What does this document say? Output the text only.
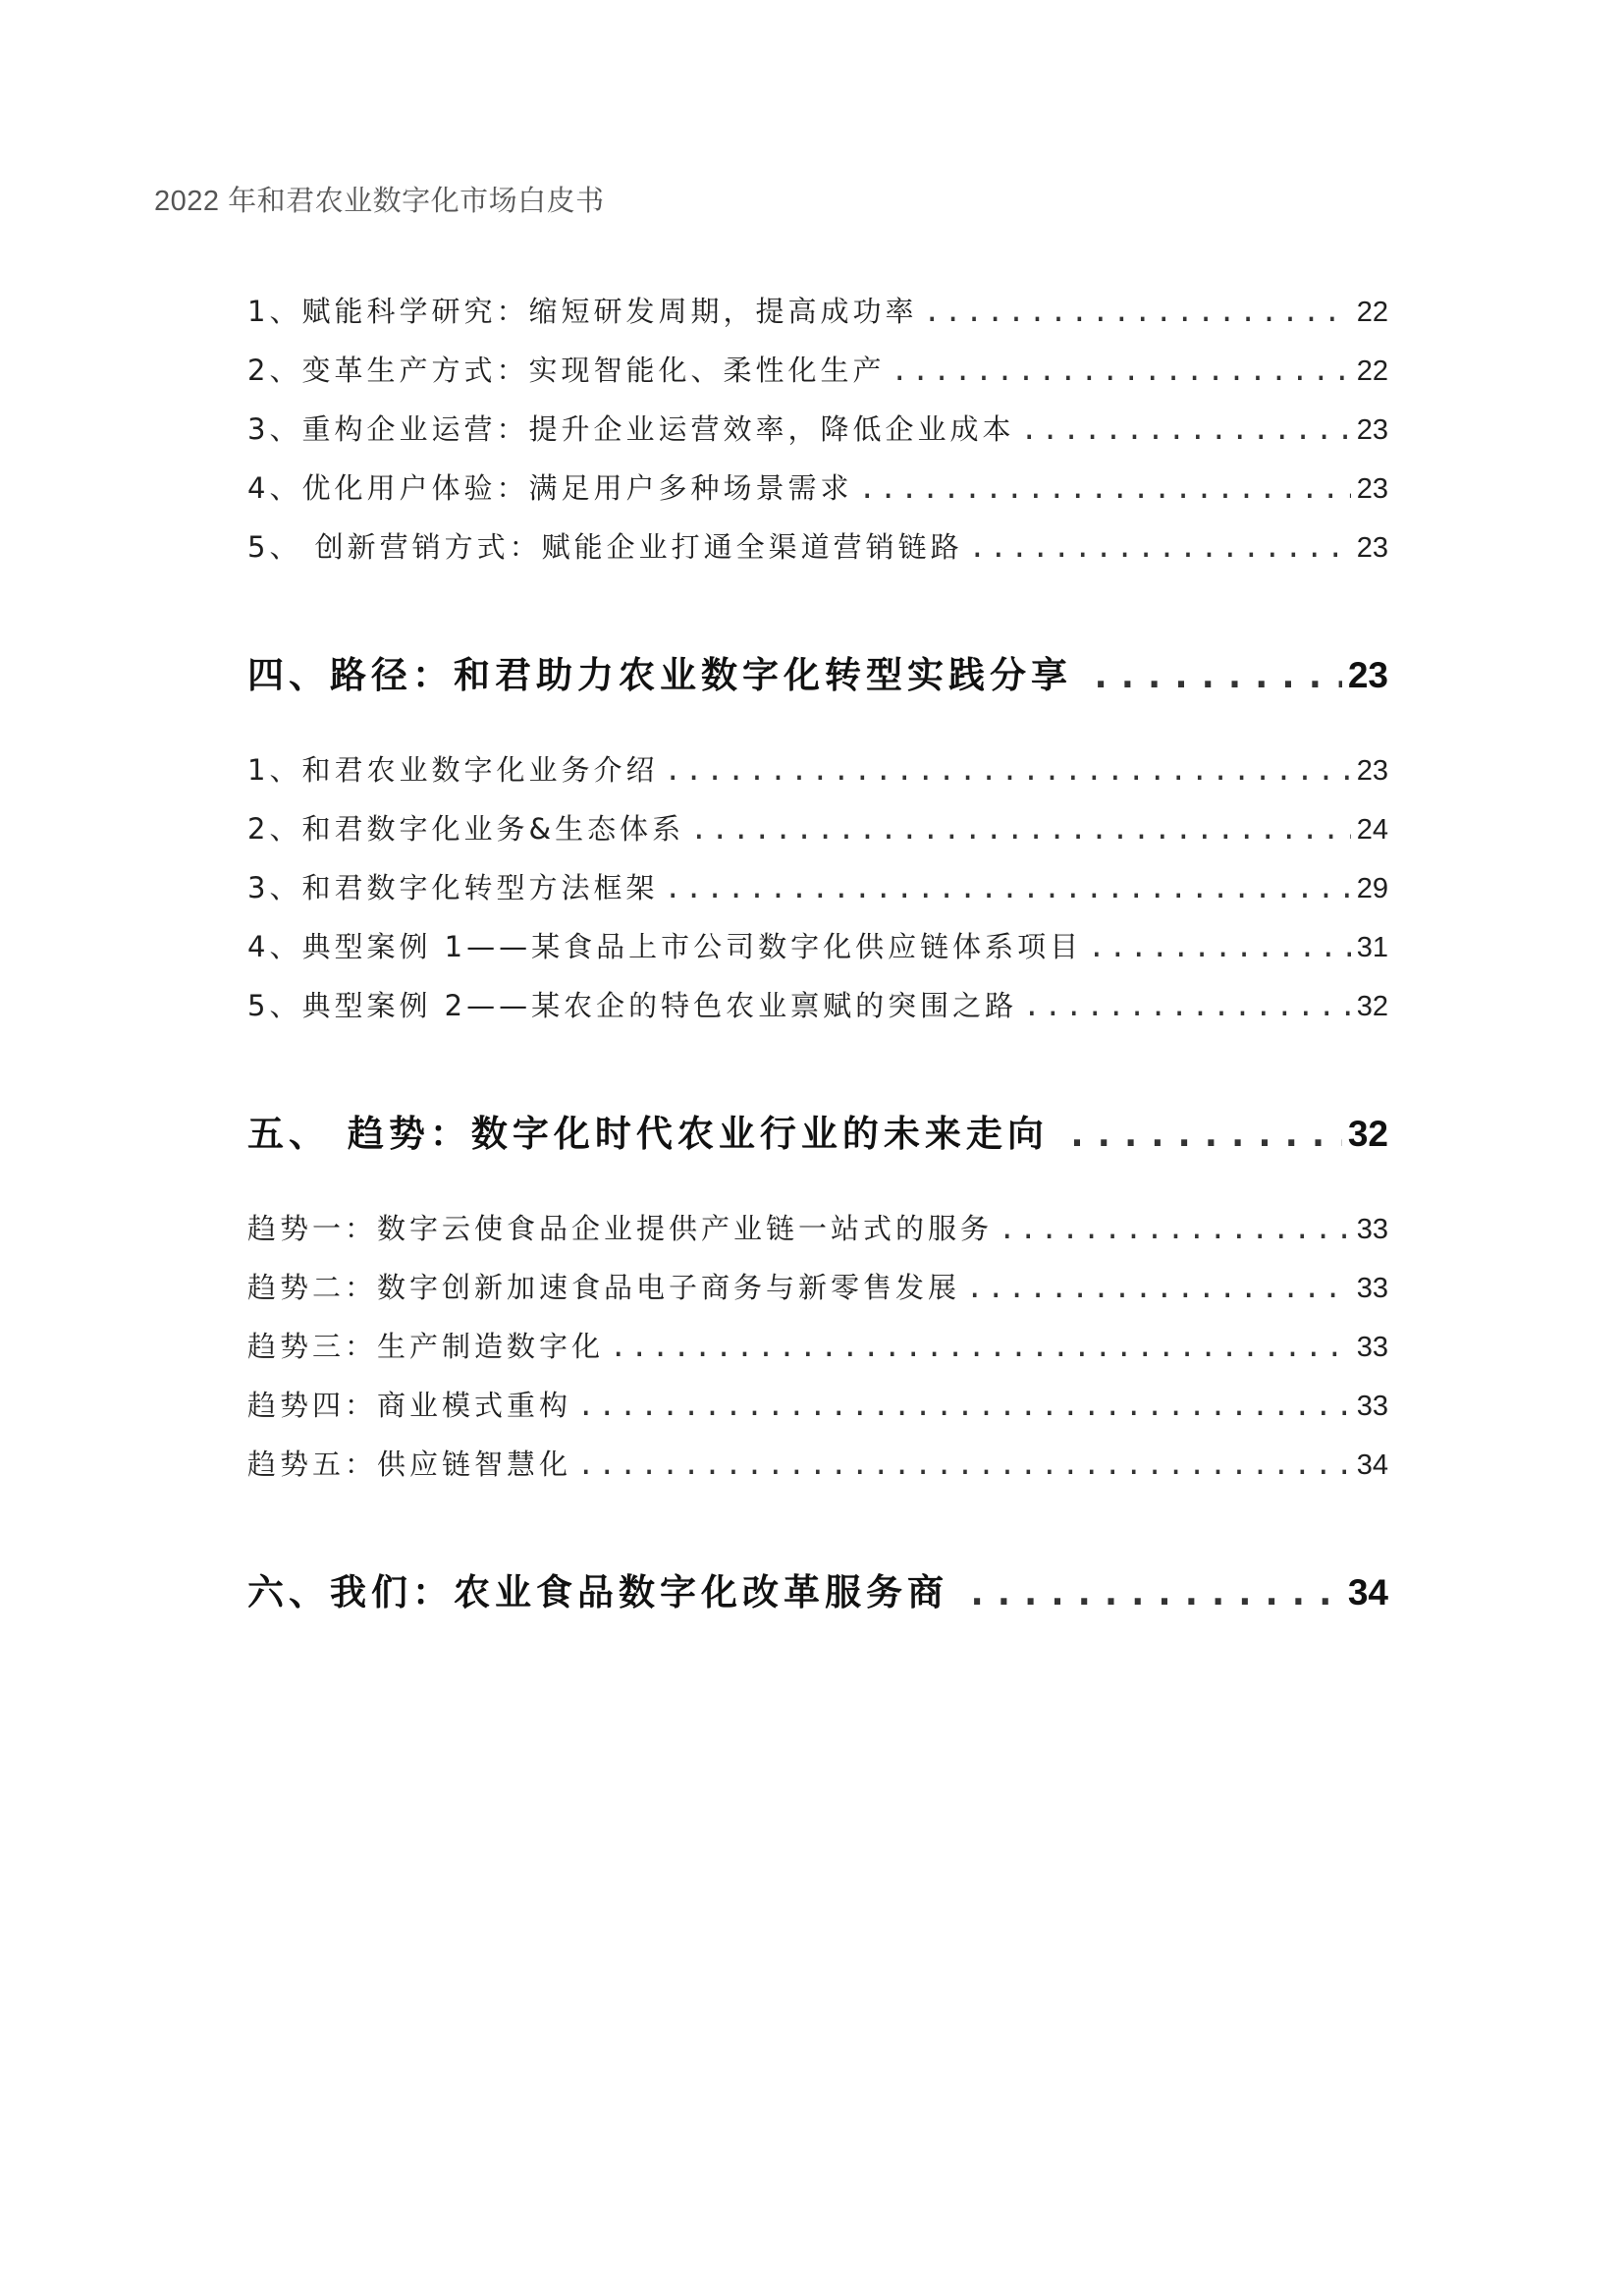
2022 年和君农业数字化市场白皮书
1、赋能科学研究：缩短研发周期，提高成功率 .....	22
2、变革生产方式：实现智能化、柔性化生产 .....	22
3、重构企业运营：提升企业运营效率，降低企业成本 .....	23
4、优化用户体验：满足用户多种场景需求 .....	23
5、 创新营销方式：赋能企业打通全渠道营销链路 .....	23
四、路径：和君助力农业数字化转型实践分享 .....	23
1、和君农业数字化业务介绍 .....	23
2、和君数字化业务&生态体系 .....	24
3、和君数字化转型方法框架 .....	29
4、典型案例 1——某食品上市公司数字化供应链体系项目 .....	31
5、典型案例 2——某农企的特色农业禀赋的突围之路 .....	32
五、 趋势：数字化时代农业行业的未来走向 .....	32
趋势一：数字云使食品企业提供产业链一站式的服务 .....	33
趋势二：数字创新加速食品电子商务与新零售发展 .....	33
趋势三：生产制造数字化 .....	33
趋势四：商业模式重构 .....	33
趋势五：供应链智慧化 .....	34
六、我们：农业食品数字化改革服务商 .....	34
